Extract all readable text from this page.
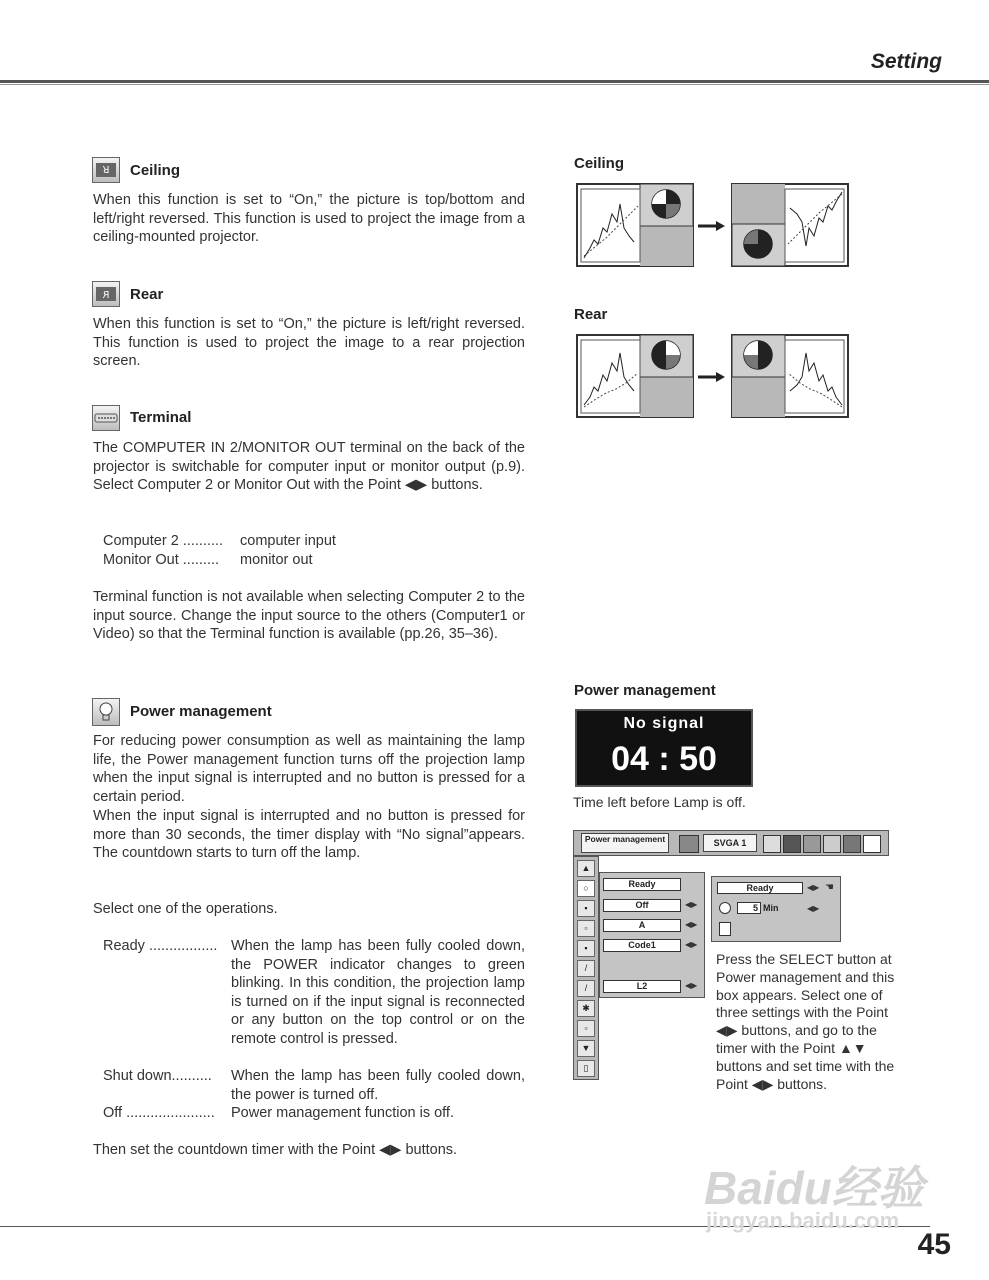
Setting
R Ceiling
When this function is set to “On,” the picture is top/bottom and left/right reversed. This function is used to project the image from a ceiling-mounted projector.
R Rear
When this function is set to “On,” the picture is left/right reversed. This function is used to project the image to a rear projection screen.
Terminal
The COMPUTER IN 2/MONITOR OUT terminal on the back of the projector is switchable for computer input or monitor output (p.9). Select Computer 2 or Monitor Out with the Point ◀▶ buttons.
Computer 2 .......... computer input
Monitor Out ......... monitor out
Terminal function is not available when selecting Computer 2 to the input source. Change the input source to the others (Computer1 or Video) so that the Terminal function is available (pp.26, 35–36).
Power management
For reducing power consumption as well as maintaining the lamp life, the Power management function turns off the projection lamp when the input signal is interrupted and no button is pressed for a certain period.
When the input signal is interrupted and no button is pressed for more than 30 seconds, the timer display with “No signal”appears. The countdown starts to turn off the lamp.
Select one of the operations.
Ready ................. When the lamp has been fully cooled down, the POWER indicator changes to green blinking. In this condition, the projection lamp is turned on if the input signal is reconnected or any button on the top control or on the remote control is pressed.
Shut down.......... When the lamp has been fully cooled down, the power is turned off.
Off ...................... Power management function is off.
Then set the countdown timer with the Point ◀▶ buttons.
Ceiling
Rear
Power management
No signal
04 : 50
Time left before Lamp is off.
Power management	SVGA 1
▲
○
▪
▫
▪
/
/
✱
▫
▼
▯
Ready
Off	◀▶
A	◀▶
Code1	◀▶
L2	◀▶
Ready	◀▶ ☚
5 Min	◀▶
Press the SELECT button at Power management and this box appears. Select one of three settings with the Point ◀▶ buttons, and go to the timer with the Point ▲▼ buttons and set time with the Point ◀▶ buttons.
Baidu经验
jingyan.baidu.com
45
